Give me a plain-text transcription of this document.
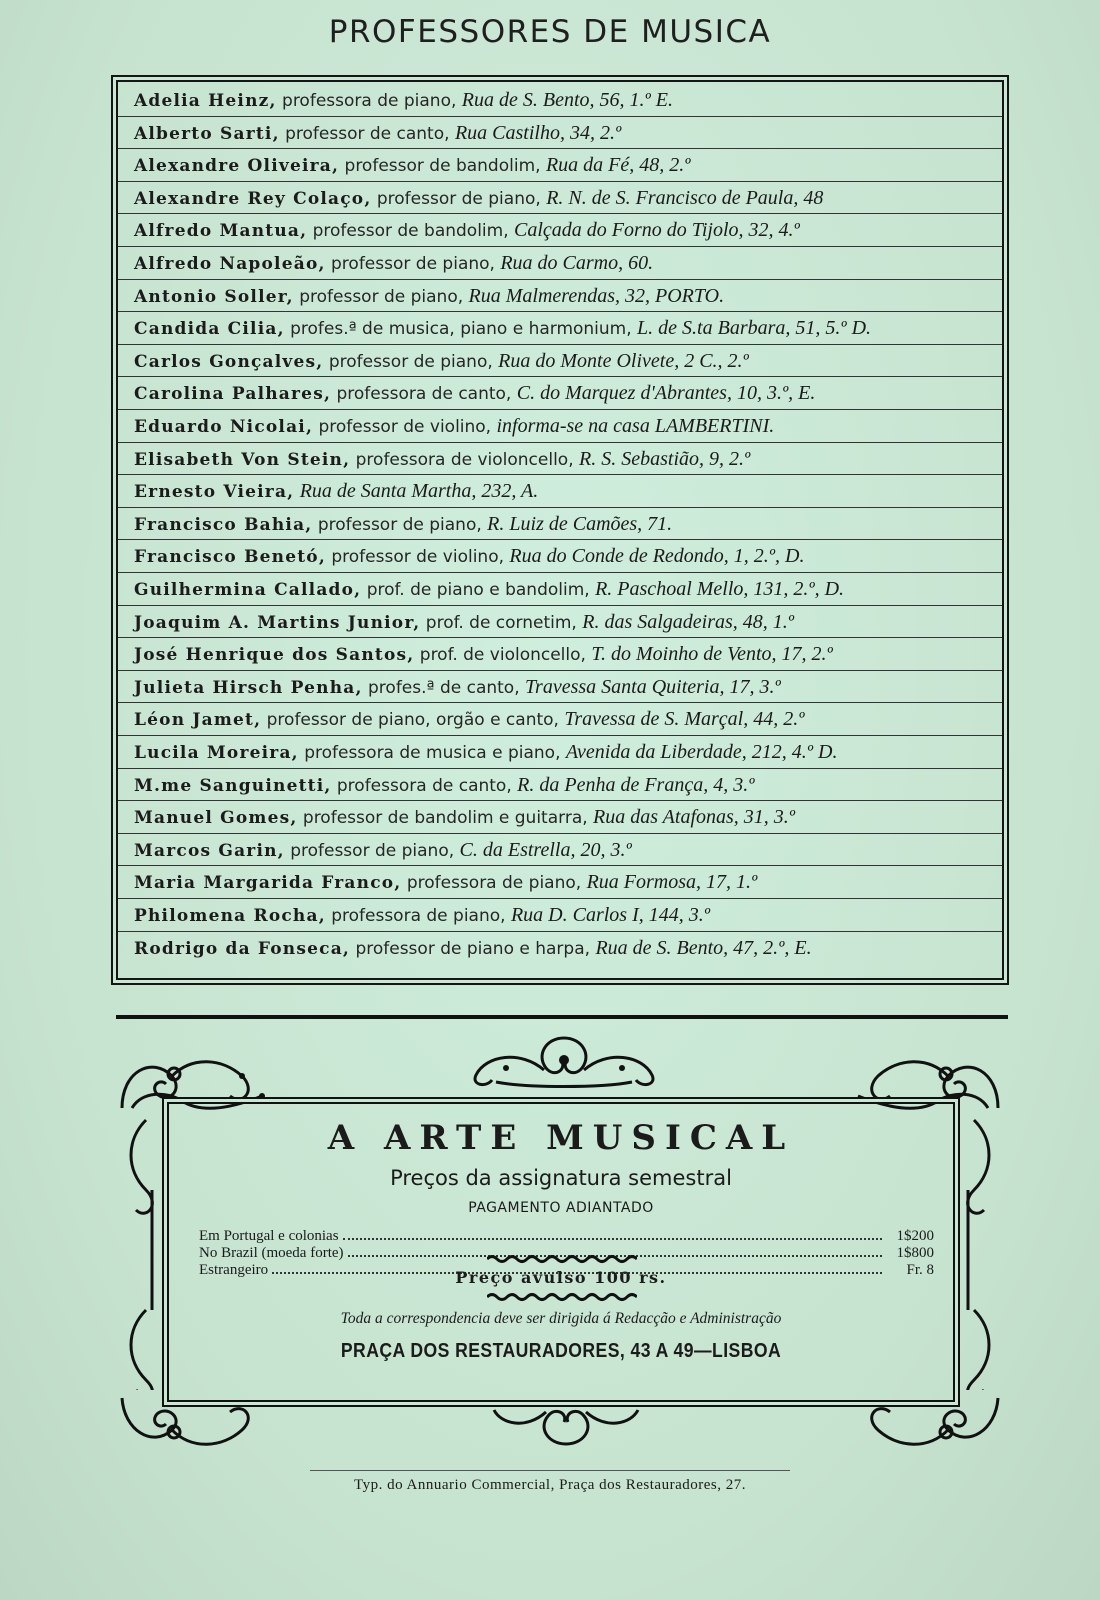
PROFESSORES DE MUSICA
Adelia Heinz, professora de piano, Rua de S. Bento, 56, 1.º E.
Alberto Sarti, professor de canto, Rua Castilho, 34, 2.º
Alexandre Oliveira, professor de bandolim, Rua da Fé, 48, 2.º
Alexandre Rey Colaço, professor de piano, R. N. de S. Francisco de Paula, 48
Alfredo Mantua, professor de bandolim, Calçada do Forno do Tijolo, 32, 4.º
Alfredo Napoleão, professor de piano, Rua do Carmo, 60.
Antonio Soller, professor de piano, Rua Malmerendas, 32, PORTO.
Candida Cilia, profes.ª de musica, piano e harmonium, L. de S.ta Barbara, 51, 5.º D.
Carlos Gonçalves, professor de piano, Rua do Monte Olivete, 2 C., 2.º
Carolina Palhares, professora de canto, C. do Marquez d'Abrantes, 10, 3.º, E.
Eduardo Nicolai, professor de violino, informa-se na casa LAMBERTINI.
Elisabeth Von Stein, professora de violoncello, R. S. Sebastião, 9, 2.º
Ernesto Vieira, Rua de Santa Martha, 232, A.
Francisco Bahia, professor de piano, R. Luiz de Camões, 71.
Francisco Benetó, professor de violino, Rua do Conde de Redondo, 1, 2.º, D.
Guilhermina Callado, prof. de piano e bandolim, R. Paschoal Mello, 131, 2.º, D.
Joaquim A. Martins Junior, prof. de cornetim, R. das Salgadeiras, 48, 1.º
José Henrique dos Santos, prof. de violoncello, T. do Moinho de Vento, 17, 2.º
Julieta Hirsch Penha, profes.ª de canto, Travessa Santa Quiteria, 17, 3.º
Léon Jamet, professor de piano, orgão e canto, Travessa de S. Marçal, 44, 2.º
Lucila Moreira, professora de musica e piano, Avenida da Liberdade, 212, 4.º D.
M.me Sanguinetti, professora de canto, R. da Penha de França, 4, 3.º
Manuel Gomes, professor de bandolim e guitarra, Rua das Atafonas, 31, 3.º
Marcos Garin, professor de piano, C. da Estrella, 20, 3.º
Maria Margarida Franco, professora de piano, Rua Formosa, 17, 1.º
Philomena Rocha, professora de piano, Rua D. Carlos I, 144, 3.º
Rodrigo da Fonseca, professor de piano e harpa, Rua de S. Bento, 47, 2.º, E.
A ARTE MUSICAL
Preços da assignatura semestral
PAGAMENTO ADIANTADO
Em Portugal e colonias	1$200
No Brazil (moeda forte)	1$800
Estrangeiro	Fr. 8
Preço avulso 100 rs.
Toda a correspondencia deve ser dirigida á Redacção e Administração
PRAÇA DOS RESTAURADORES, 43 A 49—LISBOA
Typ. do Annuario Commercial, Praça dos Restauradores, 27.
